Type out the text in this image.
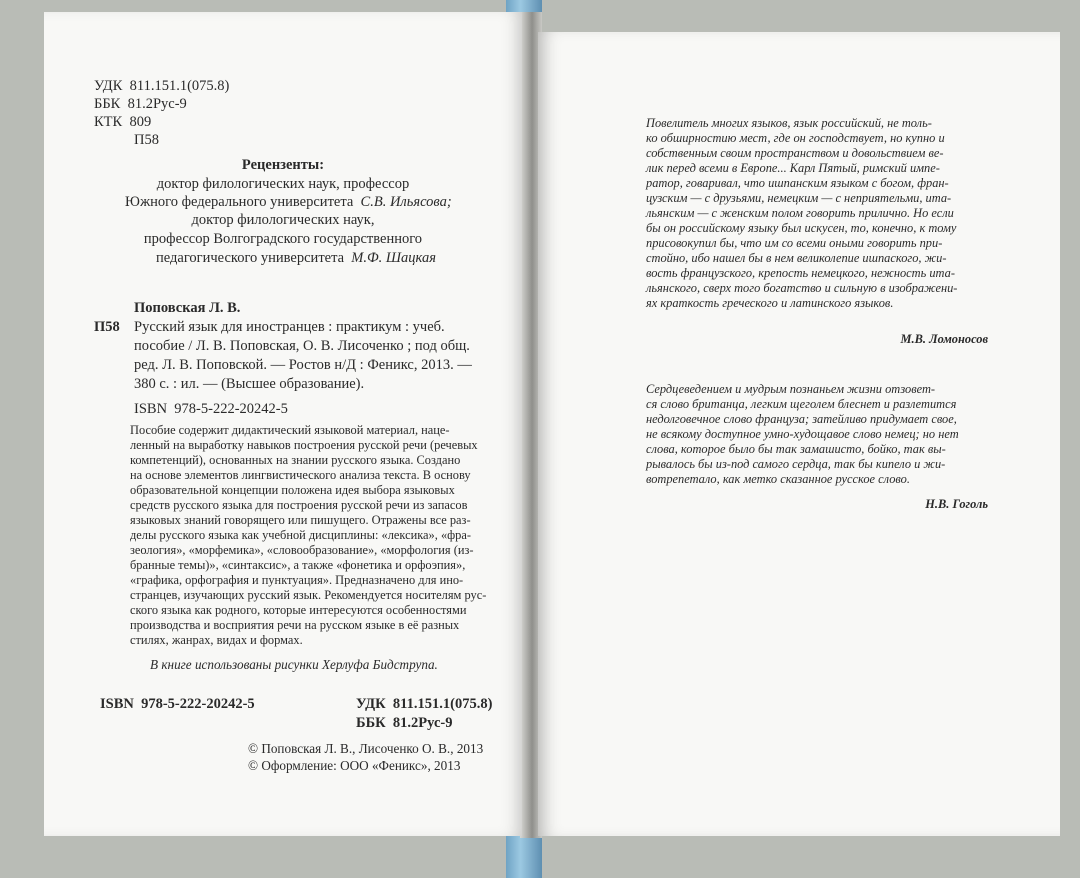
УДК  811.151.1(075.8)
ББК  81.2Рус-9
КТК  809
П58
Рецензенты:
доктор филологических наук, профессор
Южного федерального университета С.В. Ильясова;
доктор филологических наук,
профессор Волгоградского государственного
педагогического университета М.Ф. Шацкая
Поповская Л. В.
П58 Русский язык для иностранцев : практикум : учеб.
пособие / Л. В. Поповская, О. В. Лисоченко ; под общ.
ред. Л. В. Поповской. — Ростов н/Д : Феникс, 2013. —
380 с. : ил. — (Высшее образование).
ISBN  978-5-222-20242-5
Пособие содержит дидактический языковой материал, наце-
ленный на выработку навыков построения русской речи (речевых
компетенций), основанных на знании русского языка. Создано
на основе элементов лингвистического анализа текста. В основу
образовательной концепции положена идея выбора языковых
средств русского языка для построения русской речи из запасов
языковых знаний говорящего или пишущего. Отражены все раз-
делы русского языка как учебной дисциплины: «лексика», «фра-
зеология», «морфемика», «словообразование», «морфология (из-
бранные темы)», «синтаксис», а также «фонетика и орфоэпия»,
«графика, орфография и пунктуация». Предназначено для ино-
странцев, изучающих русский язык. Рекомендуется носителям рус-
ского языка как родного, которые интересуются особенностями
производства и восприятия речи на русском языке в её разных
стилях, жанрах, видах и формах.
В книге использованы рисунки Херлуфа Бидструпа.
ISBN  978-5-222-20242-5	УДК  811.151.1(075.8)
ББК  81.2Рус-9
© Поповская Л. В., Лисоченко О. В., 2013
© Оформление: ООО «Феникс», 2013
Повелитель многих языков, язык российский, не толь-
ко обширностию мест, где он господствует, но купно и
собственным своим пространством и довольствием ве-
лик перед всеми в Европе... Карл Пятый, римский импе-
ратор, говаривал, что ишпанским языком с богом, фран-
цузским — с друзьями, немецким — с неприятельми, ита-
льянским — с женским полом говорить прилично. Но если
бы он российскому языку был искусен, то, конечно, к тому
присовокупил бы, что им со всеми оными говорить при-
стойно, ибо нашел бы в нем великолепие ишпаского, жи-
вость французского, крепость немецкого, нежность ита-
льянского, сверх того богатство и сильную в изображени-
ях краткость греческого и латинского языков.
М.В. Ломоносов
Сердцеведением и мудрым познаньем жизни отзовет-
ся слово британца, легким щеголем блеснет и разлетится
недолговечное слово француза; затейливо придумает свое,
не всякому доступное умно-худощавое слово немец; но нет
слова, которое было бы так замашисто, бойко, так вы-
рывалось бы из-под самого сердца, так бы кипело и жи-
вотрепетало, как метко сказанное русское слово.
Н.В. Гоголь
